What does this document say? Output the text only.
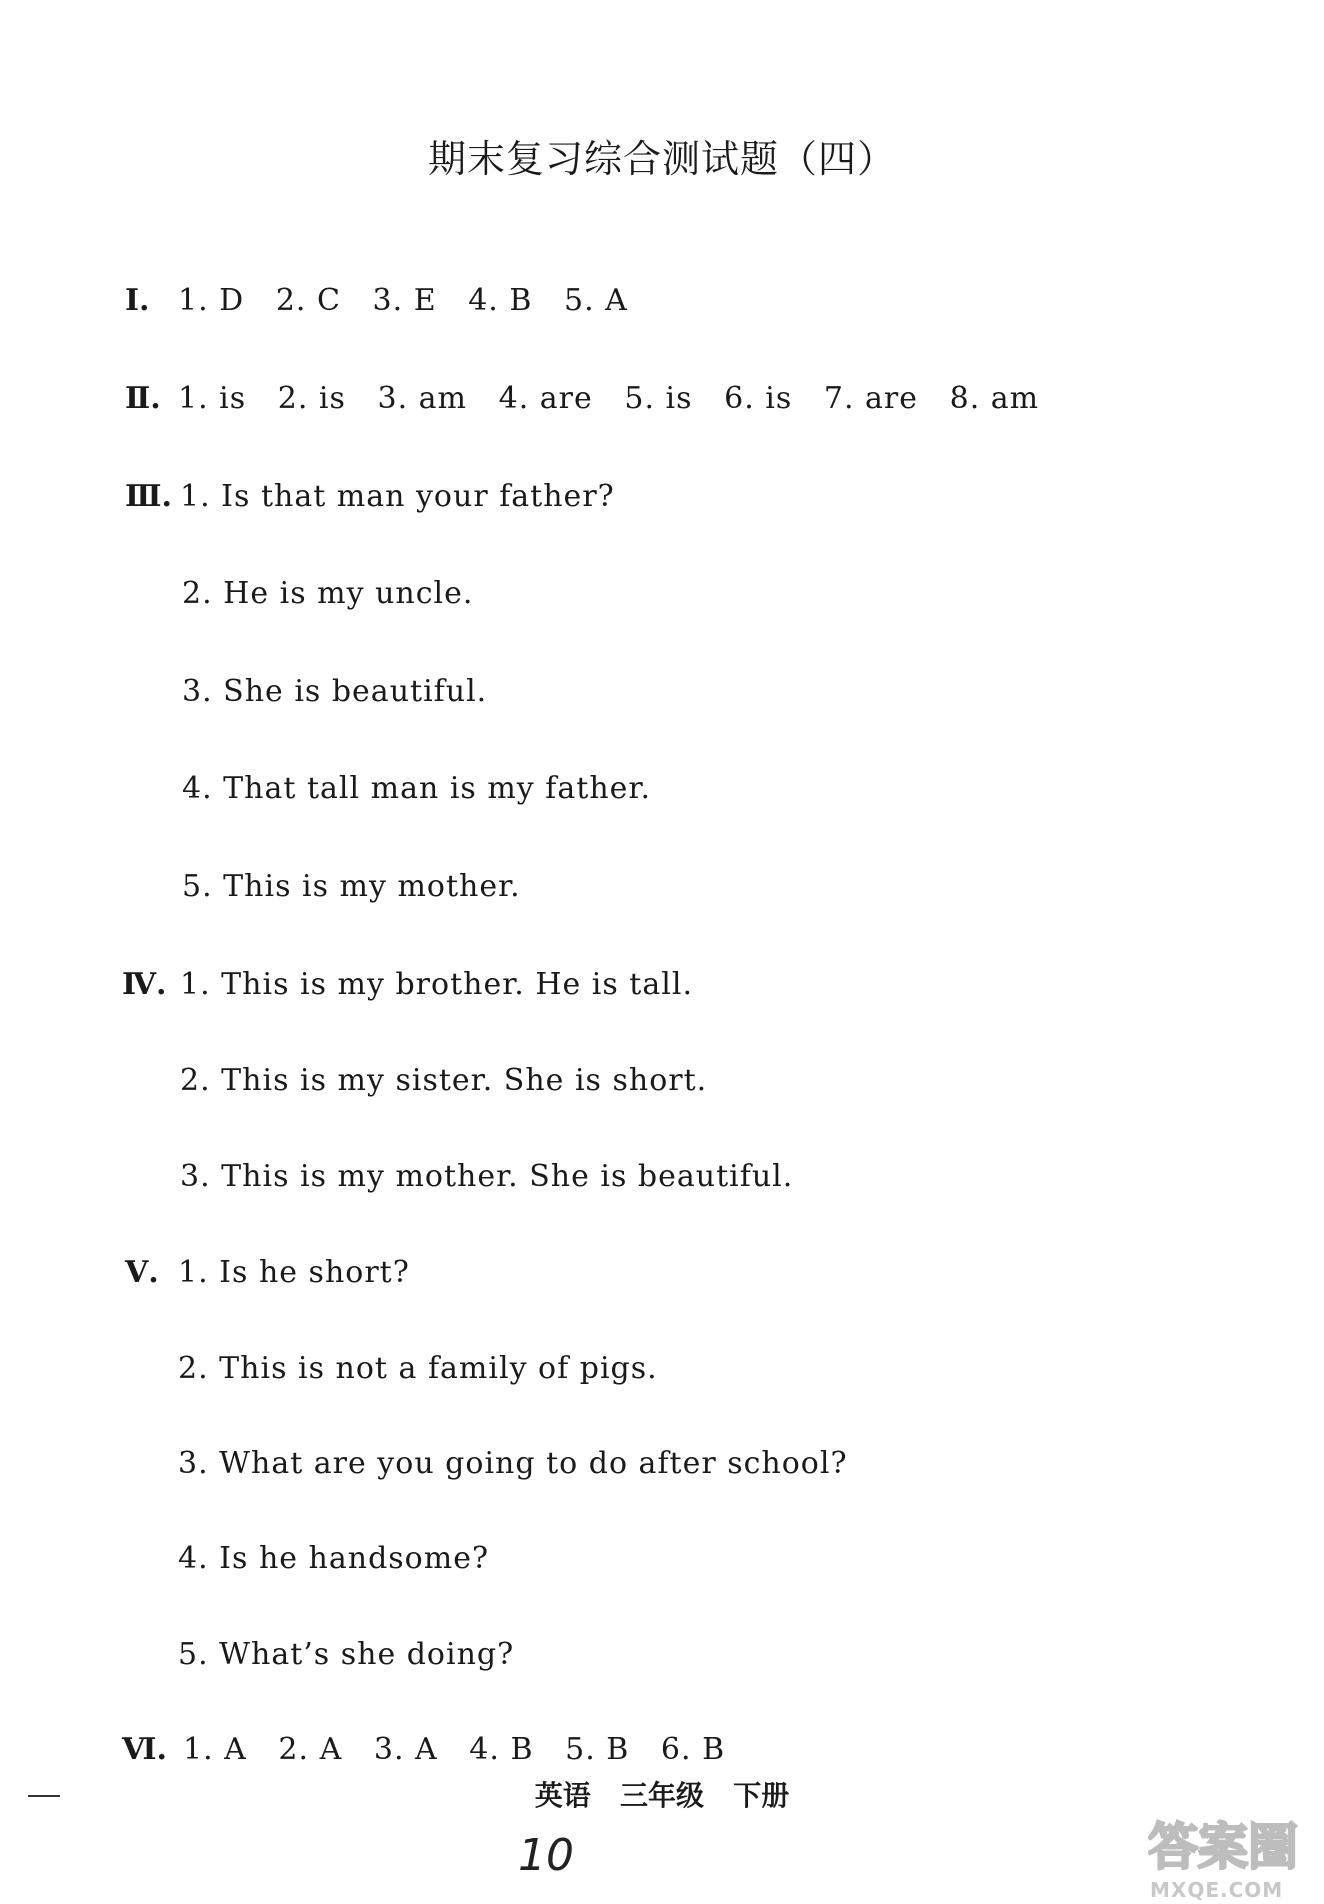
期末复习综合测试题（四）
Ⅰ. 1. D   2. C   3. E   4. B   5. A
Ⅱ. 1. is   2. is   3. am   4. are   5. is   6. is   7. are   8. am
Ⅲ. 1. Is that man your father?
2. He is my uncle.
3. She is beautiful.
4. That tall man is my father.
5. This is my mother.
Ⅳ. 1. This is my brother. He is tall.
2. This is my sister. She is short.
3. This is my mother. She is beautiful.
Ⅴ. 1. Is he short?
2. This is not a family of pigs.
3. What are you going to do after school?
4. Is he handsome?
5. What’s she doing?
Ⅵ. 1. A   2. A   3. A   4. B   5. B   6. B
英语 三年级 下册
10	答案圈
MXQE.COM
